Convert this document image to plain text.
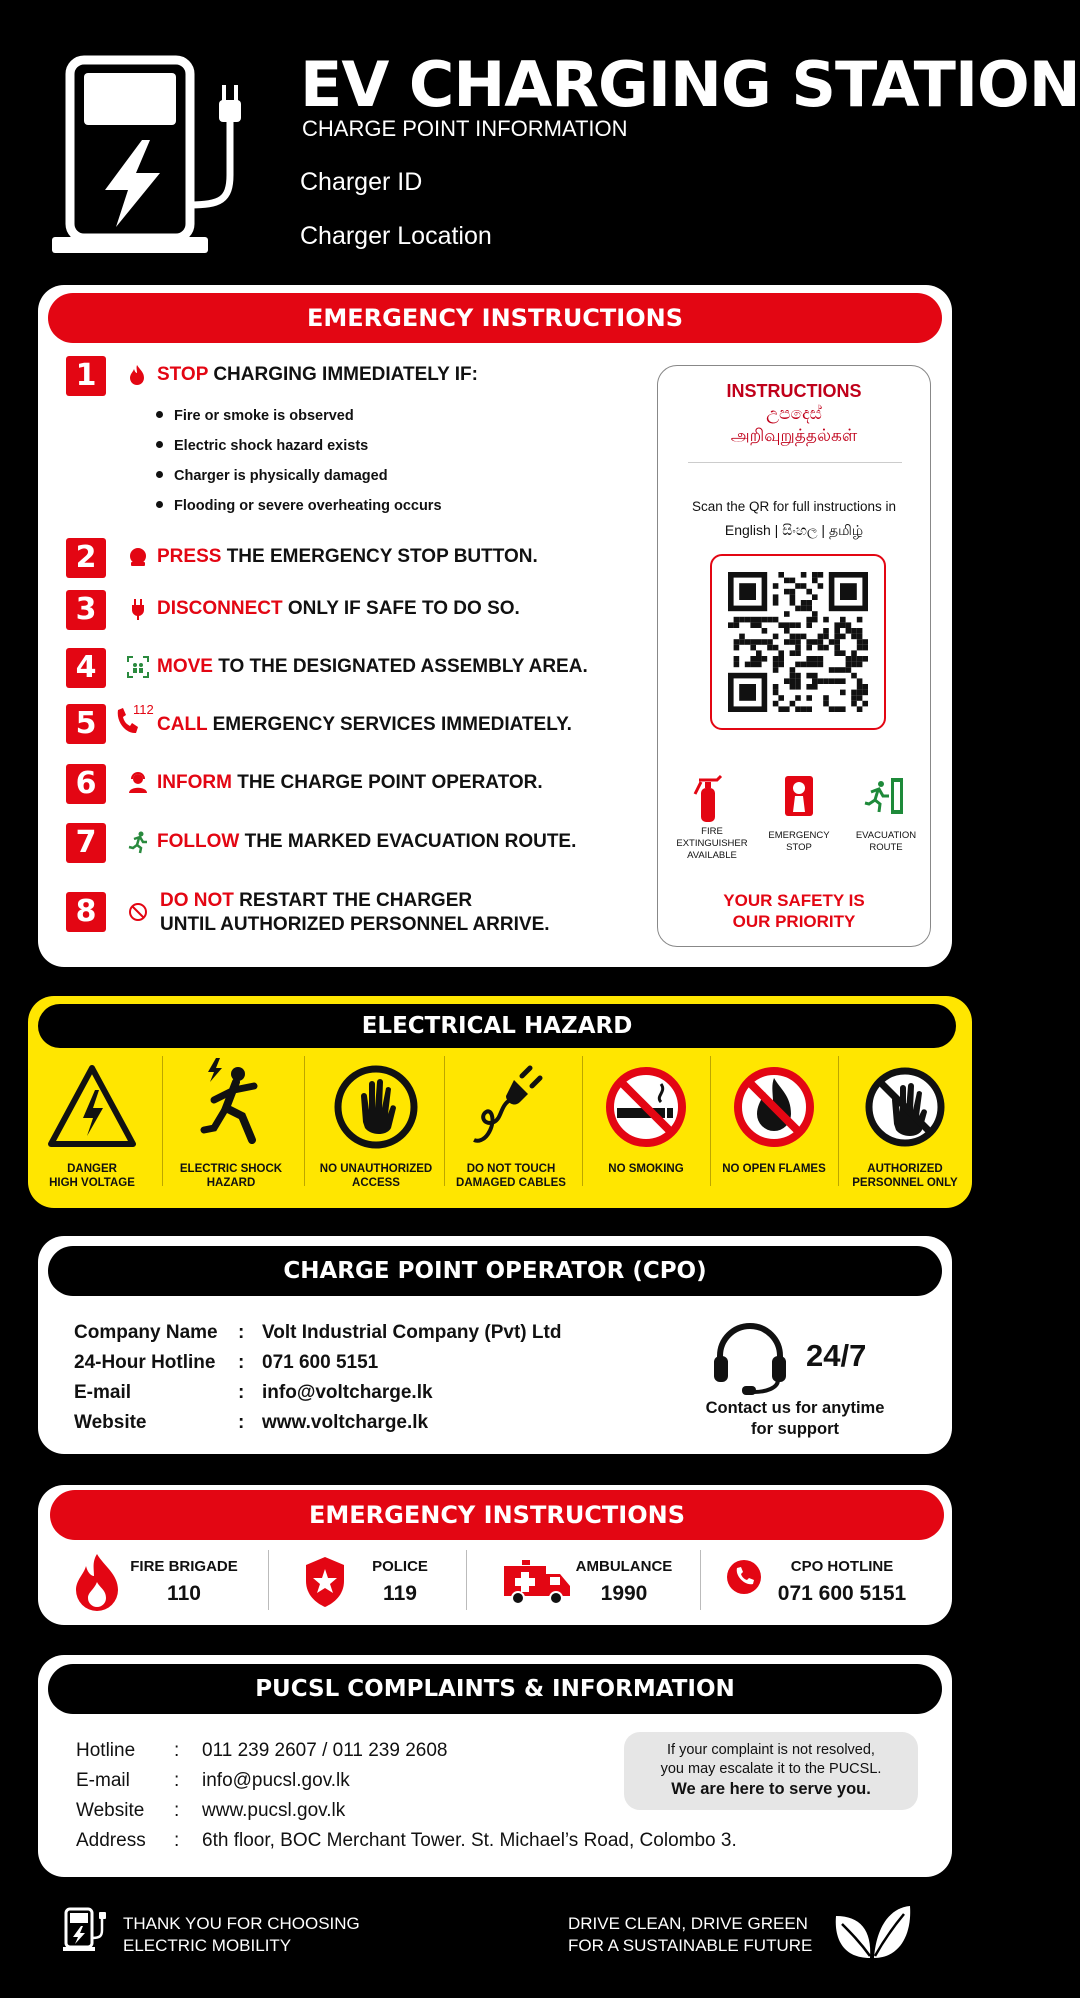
EV CHARGING STATION
CHARGE POINT INFORMATION
Charger ID
Charger Location
EMERGENCY INSTRUCTIONS
1	STOP CHARGING IMMEDIATELY IF:
Fire or smoke is observed
Electric shock hazard exists
Charger is physically damaged
Flooding or severe overheating occurs
2	PRESS THE EMERGENCY STOP BUTTON.
3	DISCONNECT ONLY IF SAFE TO DO SO.
4	MOVE TO THE DESIGNATED ASSEMBLY AREA.
5	112
CALL EMERGENCY SERVICES IMMEDIATELY.
6	INFORM THE CHARGE POINT OPERATOR.
7	FOLLOW THE MARKED EVACUATION ROUTE.
8	DO NOT RESTART THE CHARGER
UNTIL AUTHORIZED PERSONNEL ARRIVE.
INSTRUCTIONS
උපදෙස්
அறிவுறுத்தல்கள்
Scan the QR for full instructions in
English | සිංහල | தமிழ்
FIRE
EXTINGUISHER
AVAILABLE
EMERGENCY
STOP
EVACUATION
ROUTE
YOUR SAFETY IS
OUR PRIORITY
ELECTRICAL HAZARD
DANGER
HIGH VOLTAGE
ELECTRIC SHOCK
HAZARD
NO UNAUTHORIZED
ACCESS
DO NOT TOUCH
DAMAGED CABLES
NO SMOKING	NO OPEN FLAMES	AUTHORIZED
PERSONNEL ONLY
CHARGE POINT OPERATOR (CPO)
Company Name : Volt Industrial Company (Pvt) Ltd
24-Hour Hotline : 071 600 5151
E-mail	: info@voltcharge.lk
Website	: www.voltcharge.lk
24/7
Contact us for anytime
for support
EMERGENCY INSTRUCTIONS
FIRE BRIGADE
110
POLICE
119
AMBULANCE
1990
CPO HOTLINE
071 600 5151
PUCSL COMPLAINTS & INFORMATION
Hotline : 011 239 2607 / 011 239 2608
E-mail : info@pucsl.gov.lk
Website : www.pucsl.gov.lk
Address : 6th floor, BOC Merchant Tower. St. Michael’s Road, Colombo 3.
If your complaint is not resolved,
you may escalate it to the PUCSL.
We are here to serve you.
THANK YOU FOR CHOOSING
ELECTRIC MOBILITY
DRIVE CLEAN, DRIVE GREEN
FOR A SUSTAINABLE FUTURE
